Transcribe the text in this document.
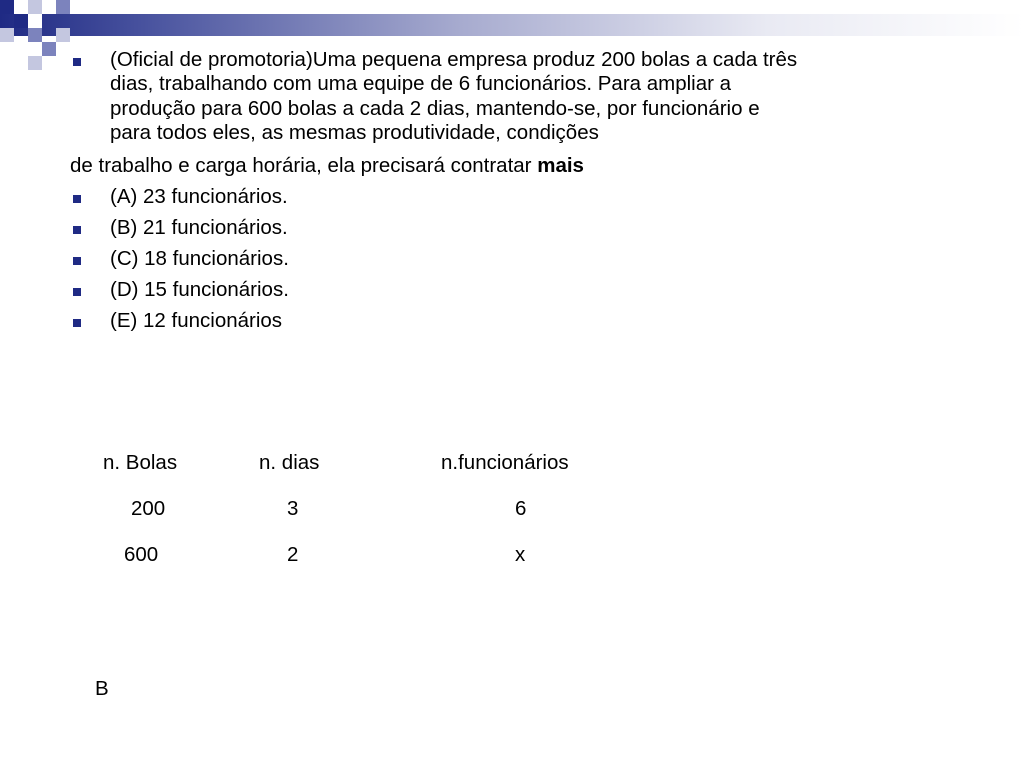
(Oficial de promotoria)Uma pequena empresa produz 200 bolas a cada três
dias, trabalhando com uma equipe de 6 funcionários. Para ampliar a
produção para 600 bolas a cada 2 dias, mantendo-se, por funcionário e
para todos eles, as mesmas produtividade, condições
de trabalho e carga horária, ela precisará contratar mais
(A) 23 funcionários.
(B) 21 funcionários.
(C) 18 funcionários.
(D) 15 funcionários.
(E) 12 funcionários
n. Bolas	n. dias	n.funcionários
200	3	6
600	2	x
B
